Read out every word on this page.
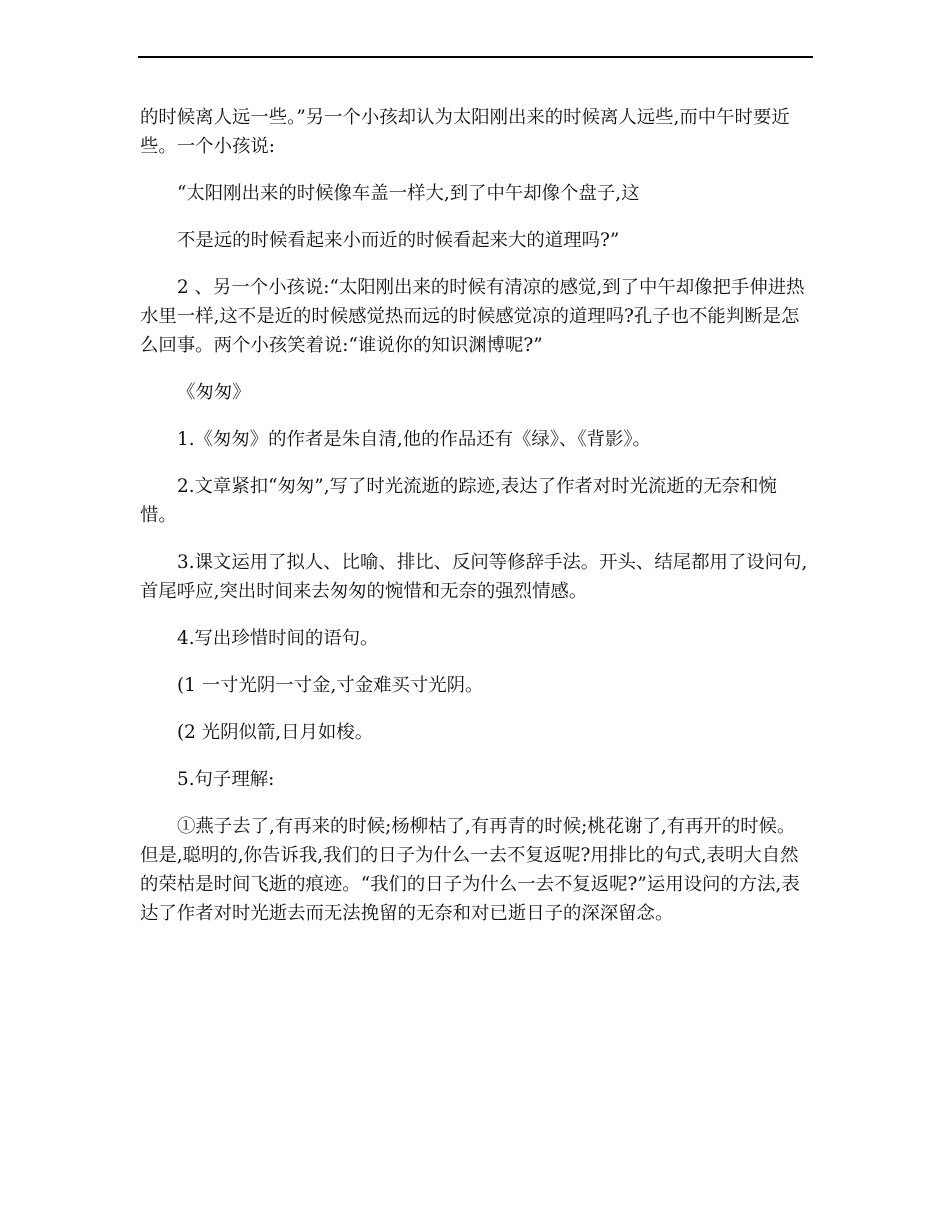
的时候离人远一些。”另一个小孩却认为太阳刚出来的时候离人远些,而中午时要近些。一个小孩说:

“太阳刚出来的时候像车盖一样大,到了中午却像个盘子,这

不是远的时候看起来小而近的时候看起来大的道理吗?”

2 、另一个小孩说:“太阳刚出来的时候有清凉的感觉,到了中午却像把手伸进热水里一样,这不是近的时候感觉热而远的时候感觉凉的道理吗?孔子也不能判断是怎么回事。两个小孩笑着说:“谁说你的知识渊博呢?”

《匆匆》

1.《匆匆》的作者是朱自清,他的作品还有《绿》、《背影》。

2.文章紧扣“匆匆”,写了时光流逝的踪迹,表达了作者对时光流逝的无奈和惋惜。

3.课文运用了拟人、比喻、排比、反问等修辞手法。开头、结尾都用了设问句,首尾呼应,突出时间来去匆匆的惋惜和无奈的强烈情感。

4.写出珍惜时间的语句。

(1 一寸光阴一寸金,寸金难买寸光阴。

(2 光阴似箭,日月如梭。

5.句子理解:

①燕子去了,有再来的时候;杨柳枯了,有再青的时候;桃花谢了,有再开的时候。但是,聪明的,你告诉我,我们的日子为什么一去不复返呢?用排比的句式,表明大自然的荣枯是时间飞逝的痕迹。“我们的日子为什么一去不复返呢?”运用设问的方法,表达了作者对时光逝去而无法挽留的无奈和对已逝日子的深深留念。
